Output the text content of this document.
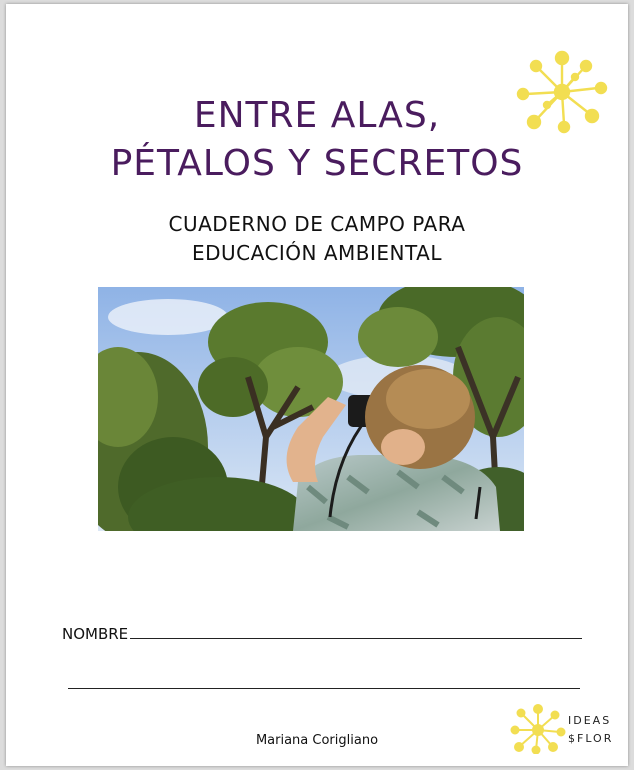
ENTRE ALAS,
PÉTALOS Y SECRETOS
CUADERNO DE CAMPO PARA
EDUCACIÓN AMBIENTAL
NOMBRE
Mariana Corigliano
IDEAS
$FLOR
